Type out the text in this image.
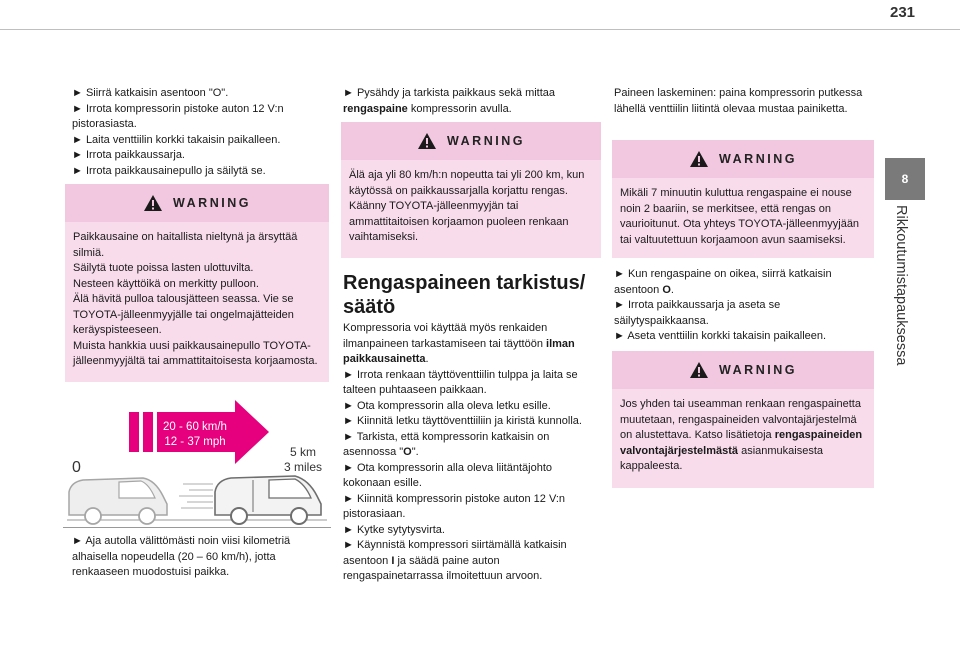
231
8
Rikkoutumistapauksessa

► Siirrä katkaisin asentoon "O".

► Irrota kompressorin pistoke auton 12 V:n pistorasiasta.

► Laita venttiilin korkki takaisin paikalleen.

► Irrota paikkaussarja.

► Irrota paikkausainepullo ja säilytä se.

WARNING

Paikkausaine on haitallista nieltynä ja ärsyttää silmiä.

Säilytä tuote poissa lasten ulottuvilta.

Nesteen käyttöikä on merkitty pulloon.

Älä hävitä pulloa talousjätteen seassa. Vie se TOYOTA-jälleenmyyjälle tai ongelmajätteiden keräyspisteeseen.

Muista hankkia uusi paikkausainepullo TOYOTA-jälleenmyyjältä tai ammattitaitoisesta korjaamosta.

20 - 60 km/h
12 - 37 mph
0
5 km
3 miles

► Aja autolla välittömästi noin viisi kilometriä alhaisella nopeudella (20 – 60 km/h), jotta renkaaseen muodostuisi paikka.

► Pysähdy ja tarkista paikkaus sekä mittaa rengaspaine kompressorin avulla.

WARNING

Älä aja yli 80 km/h:n nopeutta tai yli 200 km, kun käytössä on paikkaussarjalla korjattu rengas.

Käänny TOYOTA-jälleenmyyjän tai ammattitaitoisen korjaamon puoleen renkaan vaihtamiseksi.

Rengaspaineen tarkistus/ säätö

Kompressoria voi käyttää myös renkaiden ilmanpaineen tarkastamiseen tai täyttöön ilman paikkausainetta.

► Irrota renkaan täyttöventtiilin tulppa ja laita se talteen puhtaaseen paikkaan.

► Ota kompressorin alla oleva letku esille.

► Kiinnitä letku täyttöventtiiliin ja kiristä kunnolla.

► Tarkista, että kompressorin katkaisin on asennossa "O".

► Ota kompressorin alla oleva liitäntäjohto kokonaan esille.

► Kiinnitä kompressorin pistoke auton 12 V:n pistorasiaan.

► Kytke sytytysvirta.

► Käynnistä kompressori siirtämällä katkaisin asentoon I ja säädä paine auton rengaspainetarrassa ilmoitettuun arvoon.

Paineen laskeminen: paina kompressorin putkessa lähellä venttiilin liitintä olevaa mustaa painiketta.

WARNING
Mikäli 7 minuutin kuluttua rengaspaine ei nouse noin 2 baariin, se merkitsee, että rengas on vaurioitunut. Ota yhteys TOYOTA-jälleenmyyjään tai valtuutettuun korjaamoon avun saamiseksi.

► Kun rengaspaine on oikea, siirrä katkaisin asentoon O.

► Irrota paikkaussarja ja aseta se säilytyspaikkaansa.

► Aseta venttiilin korkki takaisin paikalleen.

WARNING
Jos yhden tai useamman renkaan rengaspainetta muutetaan, rengaspaineiden valvontajärjestelmä on alustettava. Katso lisätietoja rengaspaineiden valvontajärjestelmästä asianmukaisesta kappaleesta.
